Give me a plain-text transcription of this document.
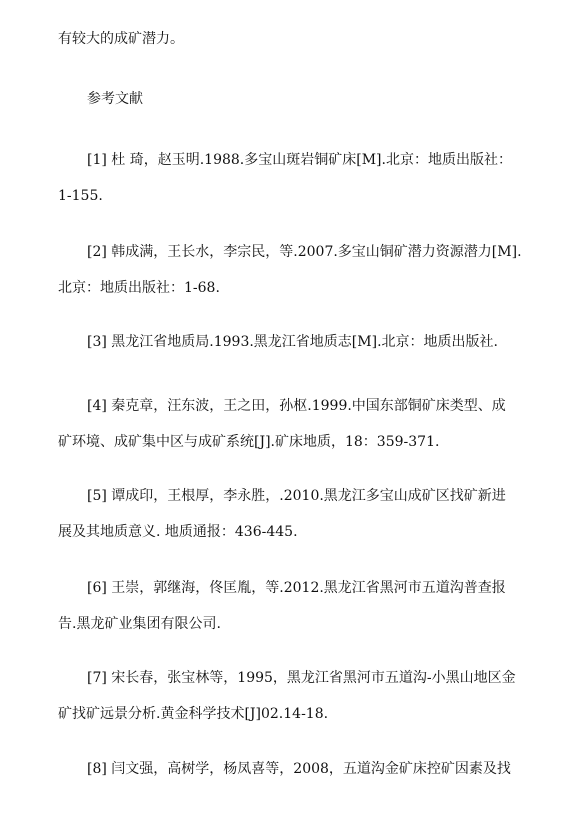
有较大的成矿潜力。
参考文献
[1] 杜 琦，赵玉明.1988.多宝山斑岩铜矿床[M].北京：地质出版社：
1-155.
[2] 韩成满，王长水，李宗民，等.2007.多宝山铜矿潜力资源潜力[M].
北京：地质出版社：1-68.
[3] 黑龙江省地质局.1993.黑龙江省地质志[M].北京：地质出版社.
[4] 秦克章，汪东波，王之田，孙枢.1999.中国东部铜矿床类型、成
矿环境、成矿集中区与成矿系统[J].矿床地质，18：359-371.
[5] 谭成印，王根厚，李永胜，.2010.黑龙江多宝山成矿区找矿新进
展及其地质意义. 地质通报：436-445.
[6] 王崇，郭继海，佟匡胤，等.2012.黑龙江省黑河市五道沟普查报
告.黑龙矿业集团有限公司.
[7] 宋长春，张宝林等，1995，黑龙江省黑河市五道沟-小黑山地区金
矿找矿远景分析.黄金科学技术[J]02.14-18.
[8] 闫文强，高树学，杨凤喜等，2008，五道沟金矿床控矿因素及找
